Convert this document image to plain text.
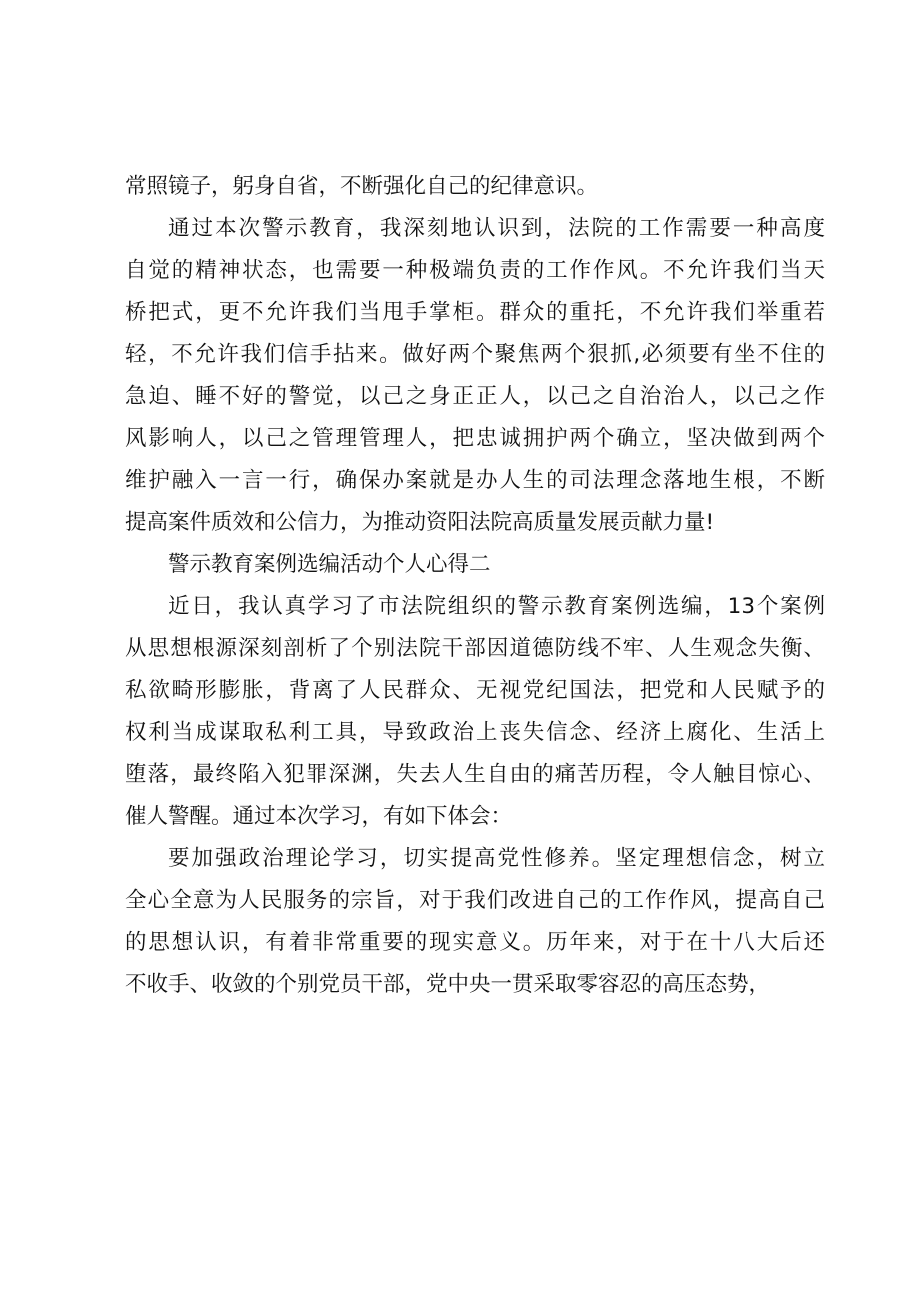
常照镜子，躬身自省，不断强化自己的纪律意识。
通过本次警示教育，我深刻地认识到，法院的工作需要一种高度
自觉的精神状态，也需要一种极端负责的工作作风。不允许我们当天
桥把式，更不允许我们当甩手掌柜。群众的重托，不允许我们举重若
轻，不允许我们信手拈来。做好两个聚焦两个狠抓,必须要有坐不住的
急迫、睡不好的警觉，以己之身正正人，以己之自治治人，以己之作
风影响人，以己之管理管理人，把忠诚拥护两个确立，坚决做到两个
维护融入一言一行，确保办案就是办人生的司法理念落地生根，不断
提高案件质效和公信力，为推动资阳法院高质量发展贡献力量!
警示教育案例选编活动个人心得二
近日，我认真学习了市法院组织的警示教育案例选编，13个案例
从思想根源深刻剖析了个别法院干部因道德防线不牢、人生观念失衡、
私欲畸形膨胀，背离了人民群众、无视党纪国法，把党和人民赋予的
权利当成谋取私利工具，导致政治上丧失信念、经济上腐化、生活上
堕落，最终陷入犯罪深渊，失去人生自由的痛苦历程，令人触目惊心、
催人警醒。通过本次学习，有如下体会：
要加强政治理论学习，切实提高党性修养。坚定理想信念，树立
全心全意为人民服务的宗旨，对于我们改进自己的工作作风，提高自己
的思想认识，有着非常重要的现实意义。历年来，对于在十八大后还
不收手、收敛的个别党员干部，党中央一贯采取零容忍的高压态势，
